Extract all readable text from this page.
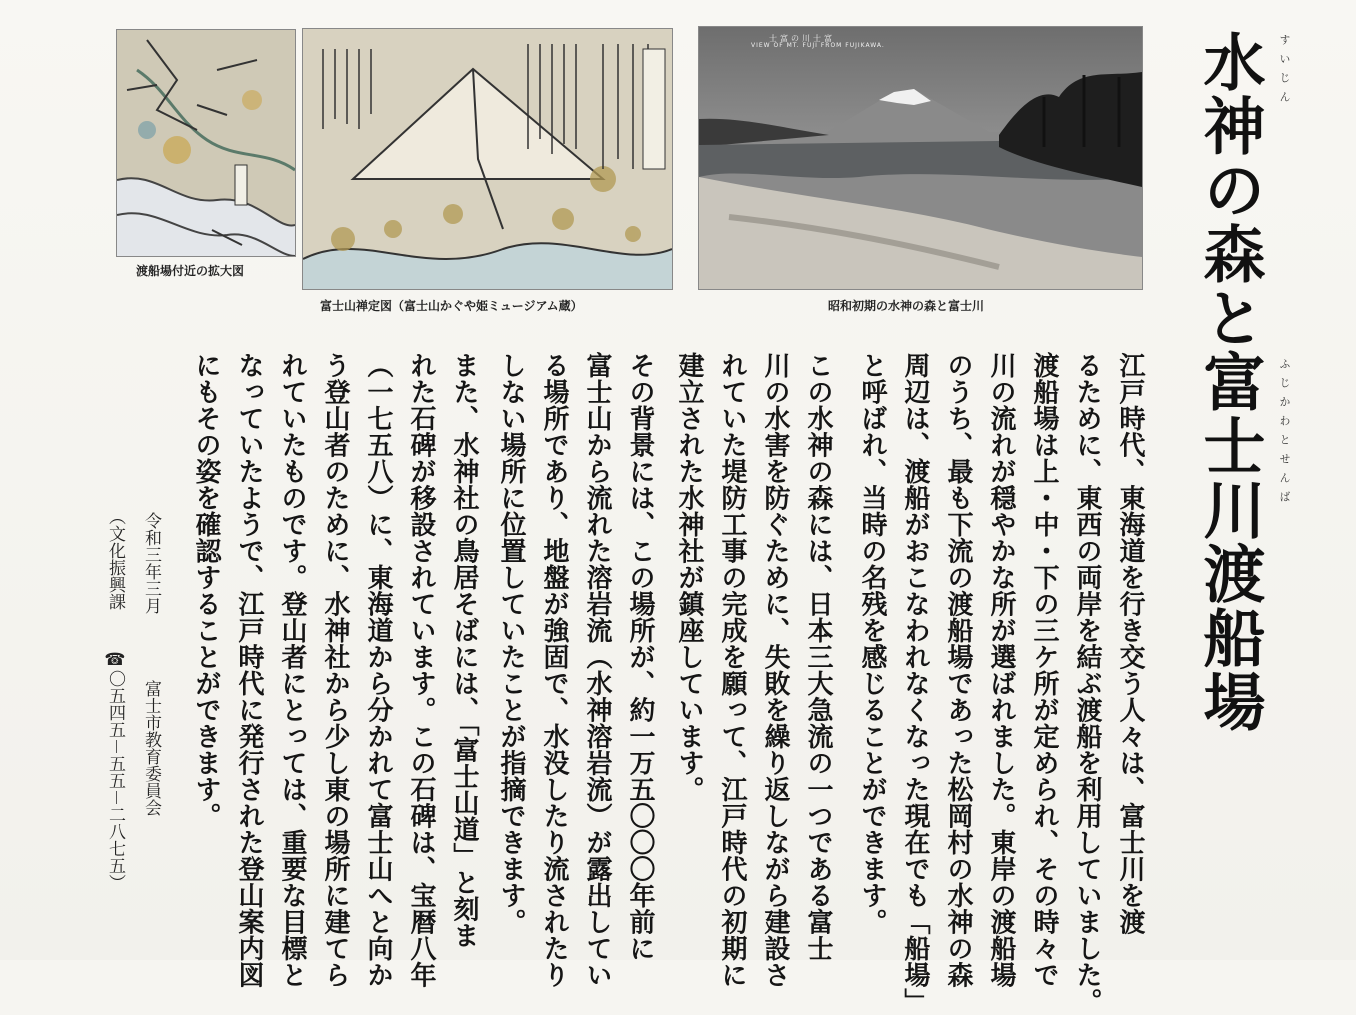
渡船場付近の拡大図
富士山禅定図（富士山かぐや姫ミュージアム蔵）
士富の川士富
VIEW OF MT. FUJI FROM FUJIKAWA.
昭和初期の水神の森と富士川	水神の森と富士川渡船場 すいじん
ふじかわとせんば
江戸時代、東海道を行き交う人々は、富士川を渡
るために、東西の両岸を結ぶ渡船を利用していました。
渡船場は上・中・下の三ケ所が定められ、その時々で
川の流れが穏やかな所が選ばれました。東岸の渡船場
のうち、最も下流の渡船場であった松岡村の水神の森
周辺は、渡船がおこなわれなくなった現在でも「船場」
と呼ばれ、当時の名残を感じることができます。
この水神の森には、日本三大急流の一つである富士
川の水害を防ぐために、失敗を繰り返しながら建設さ
れていた堤防工事の完成を願って、江戸時代の初期に
建立された水神社が鎮座しています。
その背景には、この場所が、約一万五〇〇〇年前に
富士山から流れた溶岩流（水神溶岩流）が露出してい
る場所であり、地盤が強固で、水没したり流されたり
しない場所に位置していたことが指摘できます。
また、水神社の鳥居そばには、「富士山道」と刻ま
れた石碑が移設されています。この石碑は、宝暦八年
（一七五八）に、東海道から分かれて富士山へと向か
う登山者のために、水神社から少し東の場所に建てら
れていたものです。登山者にとっては、重要な目標と
なっていたようで、江戸時代に発行された登山案内図
にもその姿を確認することができます。
令和三年三月
富士市教育委員会
（文化振興課
☎〇五四五－五五－二八七五）
